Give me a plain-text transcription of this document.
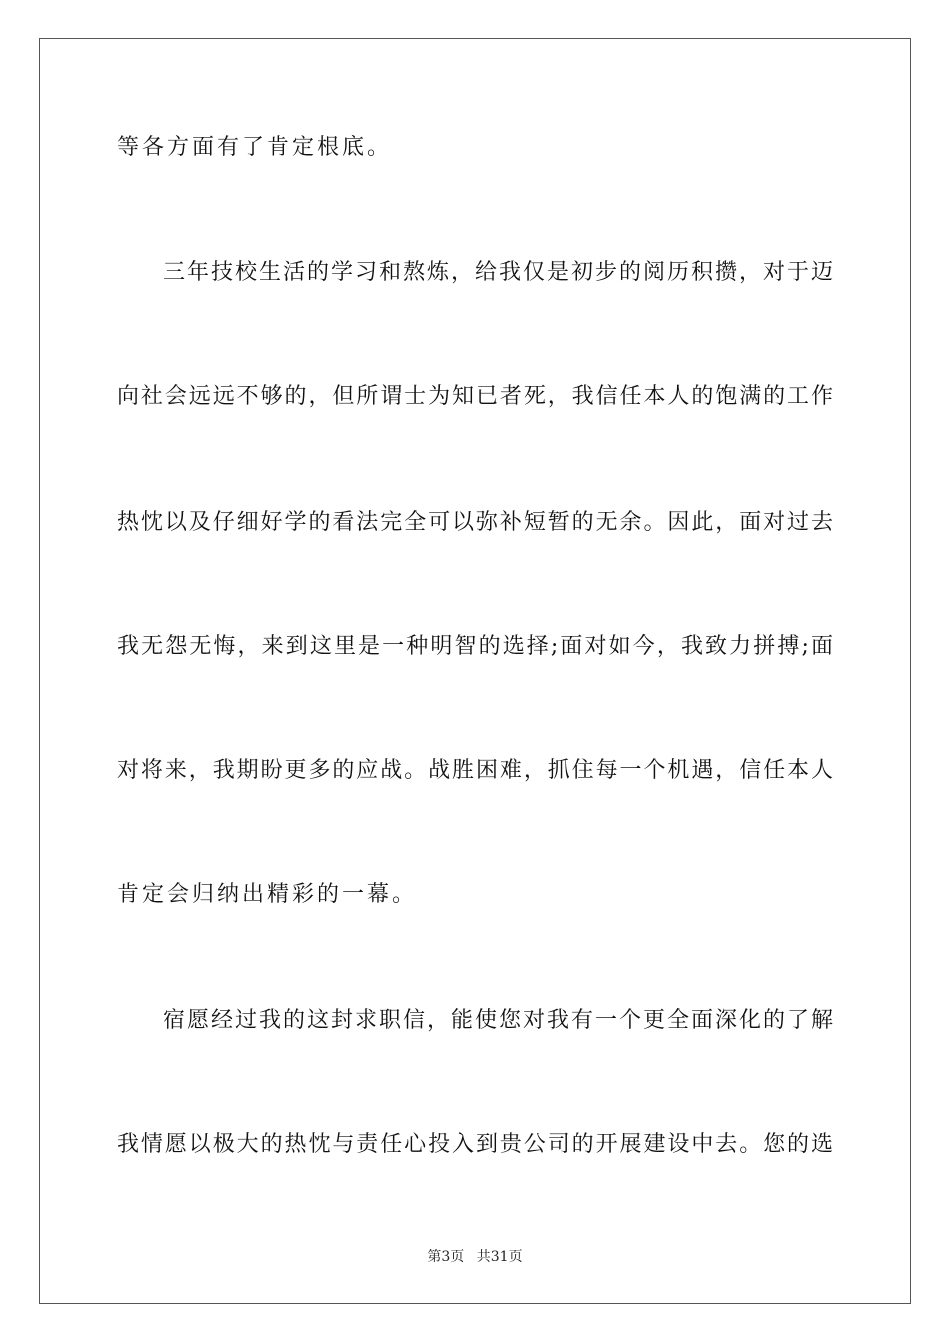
等各方面有了肯定根底。
三年技校生活的学习和熬炼，给我仅是初步的阅历积攒，对于迈
向社会远远不够的，但所谓士为知已者死，我信任本人的饱满的工作
热忱以及仔细好学的看法完全可以弥补短暂的无余。因此，面对过去
我无怨无悔，来到这里是一种明智的选择;面对如今，我致力拼搏;面
对将来，我期盼更多的应战。战胜困难，抓住每一个机遇，信任本人
肯定会归纳出精彩的一幕。
宿愿经过我的这封求职信，能使您对我有一个更全面深化的了解
我情愿以极大的热忱与责任心投入到贵公司的开展建设中去。您的选
第3页 共31页
